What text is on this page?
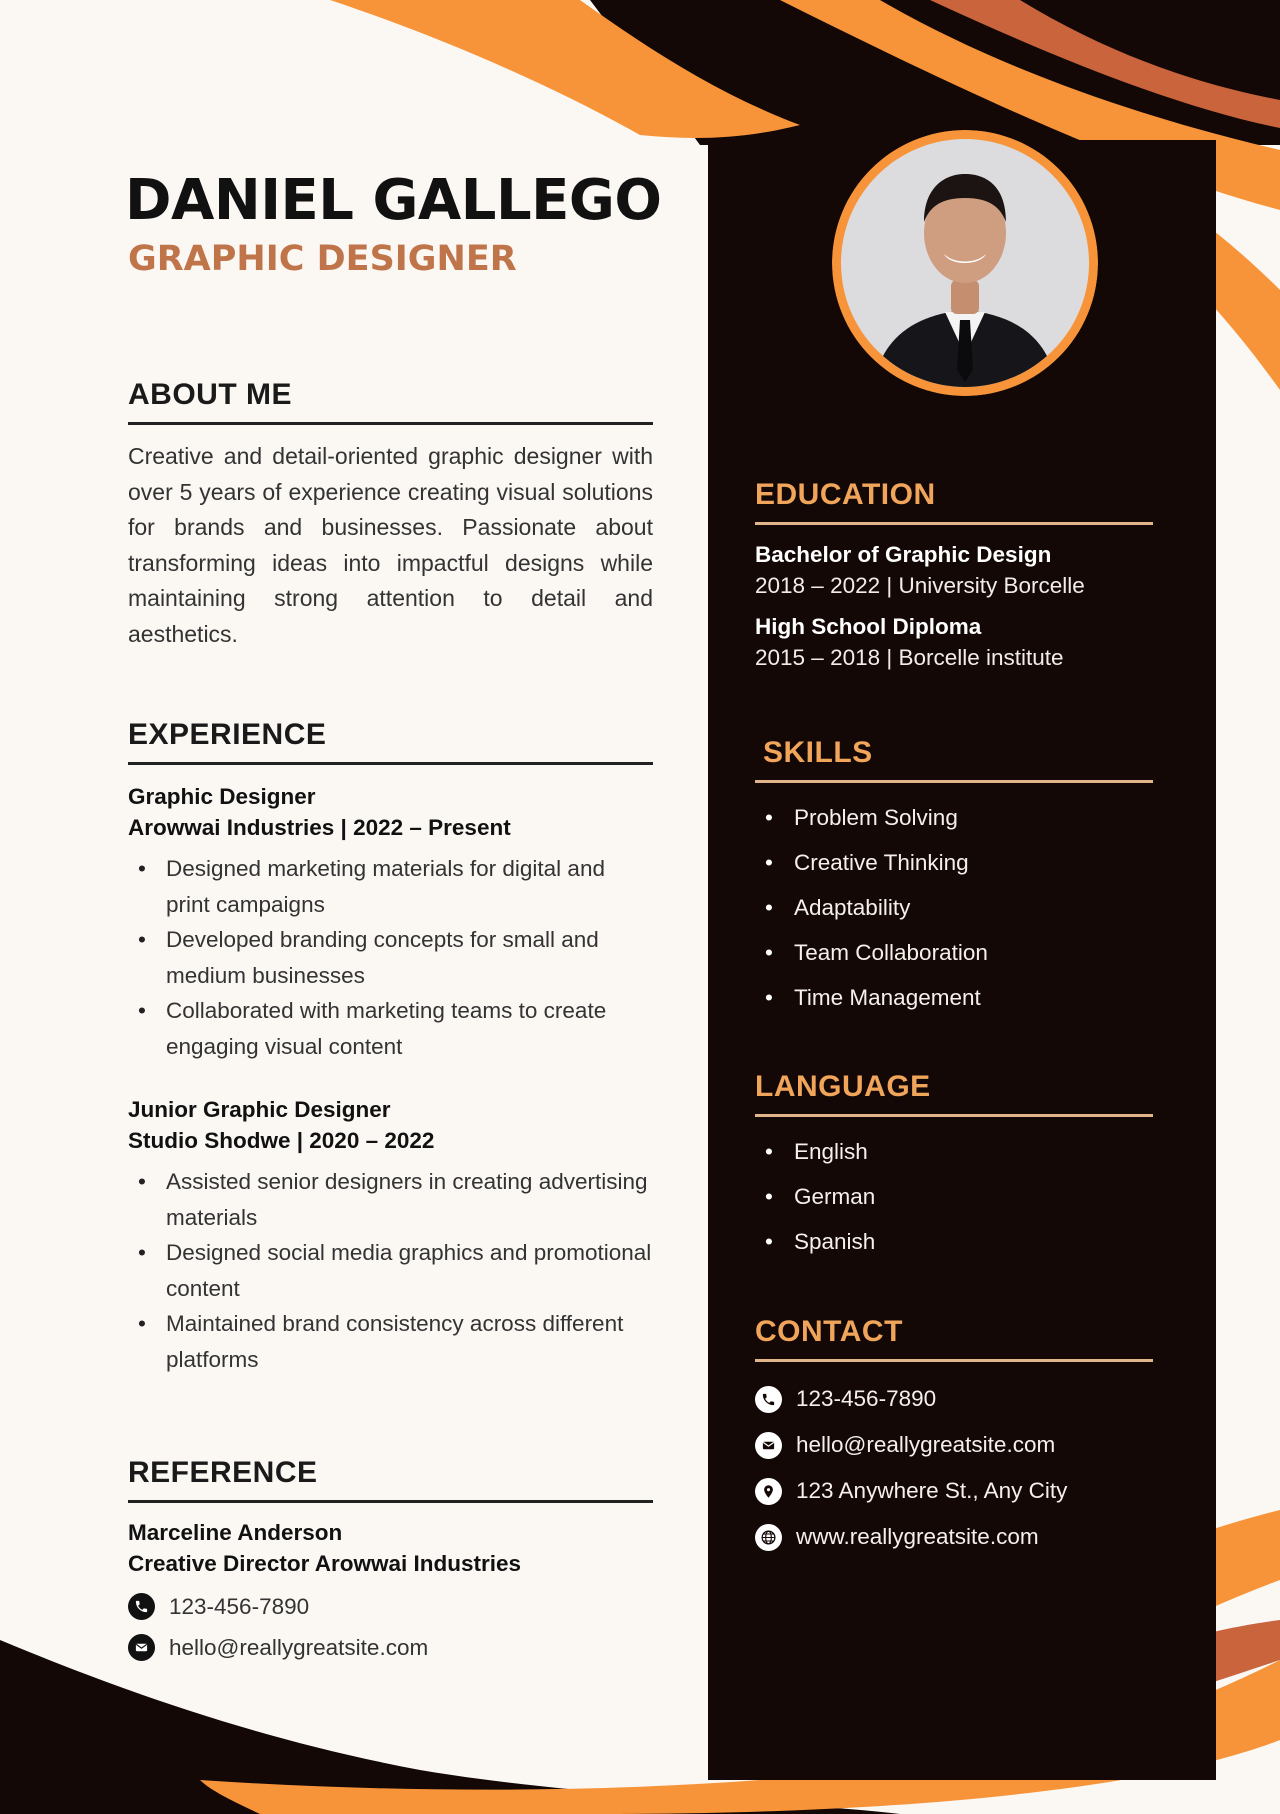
DANIEL GALLEGO
GRAPHIC DESIGNER
ABOUT ME

Creative and detail-oriented graphic designer with over 5 years of experience creating visual solutions for brands and businesses. Passionate about transforming ideas into impactful designs while maintaining strong attention to detail and aesthetics.

EXPERIENCE
Graphic Designer
Arowwai Industries | 2022 – Present
• Designed marketing materials for digital and print campaigns
• Developed branding concepts for small and medium businesses
• Collaborated with marketing teams to create engaging visual content
Junior Graphic Designer
Studio Shodwe | 2020 – 2022
• Assisted senior designers in creating advertising materials
• Designed social media graphics and promotional content
• Maintained brand consistency across different platforms
REFERENCE
Marceline Anderson
Creative Director Arowwai Industries
123-456-7890
hello@reallygreatsite.com
EDUCATION
Bachelor of Graphic Design
2018 – 2022 | University Borcelle
High School Diploma
2015 – 2018 | Borcelle institute
SKILLS
• Problem Solving
• Creative Thinking
• Adaptability
• Team Collaboration
• Time Management
LANGUAGE
• English
• German
• Spanish
CONTACT
123-456-7890
hello@reallygreatsite.com
123 Anywhere St., Any City
www.reallygreatsite.com
